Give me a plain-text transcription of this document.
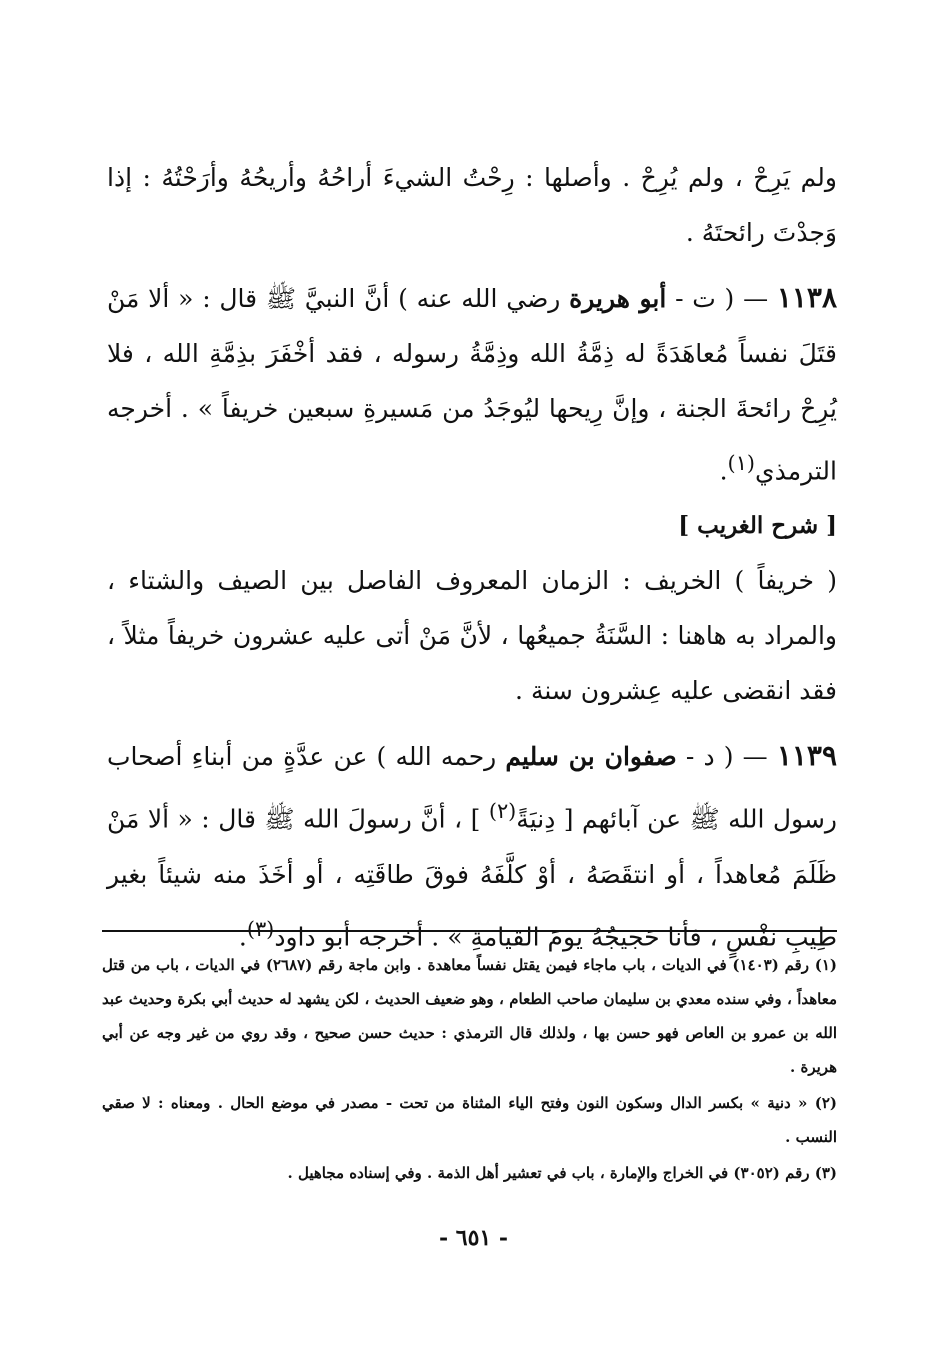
ولم يَرِحْ ، ولم يُرِحْ . وأصلها : رِحْتُ الشيءَ أراحُهُ وأريحُهُ وأرَحْتُهُ : إذا وَجدْتَ رائحتَهُ .

١١٣٨ — ( ت - أبو هريرة رضي الله عنه ) أنَّ النبيَّ ﷺ قال : « ألا مَنْ قتَلَ نفساً مُعاهَدَةً له ذِمَّةُ الله وذِمَّةُ رسوله ، فقد أخْفَرَ بذِمَّةِ الله ، فلا يُرِحْ رائحةَ الجنة ، وإنَّ رِيحها ليُوجَدُ من مَسيرةِ سبعين خريفاً » . أخرجه الترمذي$^{(١)}$.

[ شرح الغريب ]

( خريفاً ) الخريف : الزمان المعروف الفاصل بين الصيف والشتاء ، والمراد به هاهنا : السَّنَةُ جميعُها ، لأنَّ مَنْ أتى عليه عشرون خريفاً مثلاً ، فقد انقضى عليه عِشرون سنة .

١١٣٩ — ( د - صفوان بن سليم رحمه الله ) عن عدَّةٍ من أبناءِ أصحاب رسول الله ﷺ عن آبائهم [ دِنيَةً$^{(٢)}$ ] ، أنَّ رسولَ الله ﷺ قال : « ألا مَنْ ظَلَمَ مُعاهداً ، أو انتقَصَهُ ، أوْ كلَّفَهُ فوقَ طاقَتِه ، أو أخَذَ منه شيئاً بغير طِيبِ نفْسٍ ، فأنا حَجيجُهُ يومَ القيامةِ » . أخرجه أبو داود$^{(٣)}$.

(١) رقم (١٤٠٣) في الديات ، باب ماجاء فيمن يقتل نفساً معاهدة . وابن ماجة رقم (٢٦٨٧) في الديات ، باب من قتل معاهداً ، وفي سنده معدي بن سليمان صاحب الطعام ، وهو ضعيف الحديث ، لكن يشهد له حديث أبي بكرة وحديث عبد الله بن عمرو بن العاص فهو حسن بها ، ولذلك قال الترمذي : حديث حسن صحيح ، وقد روي من غير وجه عن أبي هريرة .

(٢) « دنية » بكسر الدال وسكون النون وفتح الياء المثناة من تحت - مصدر في موضع الحال . ومعناه : لا صقي النسب .

(٣) رقم (٣٠٥٢) في الخراج والإمارة ، باب في تعشير أهل الذمة . وفي إسناده مجاهيل .

- ٦٥١ -
